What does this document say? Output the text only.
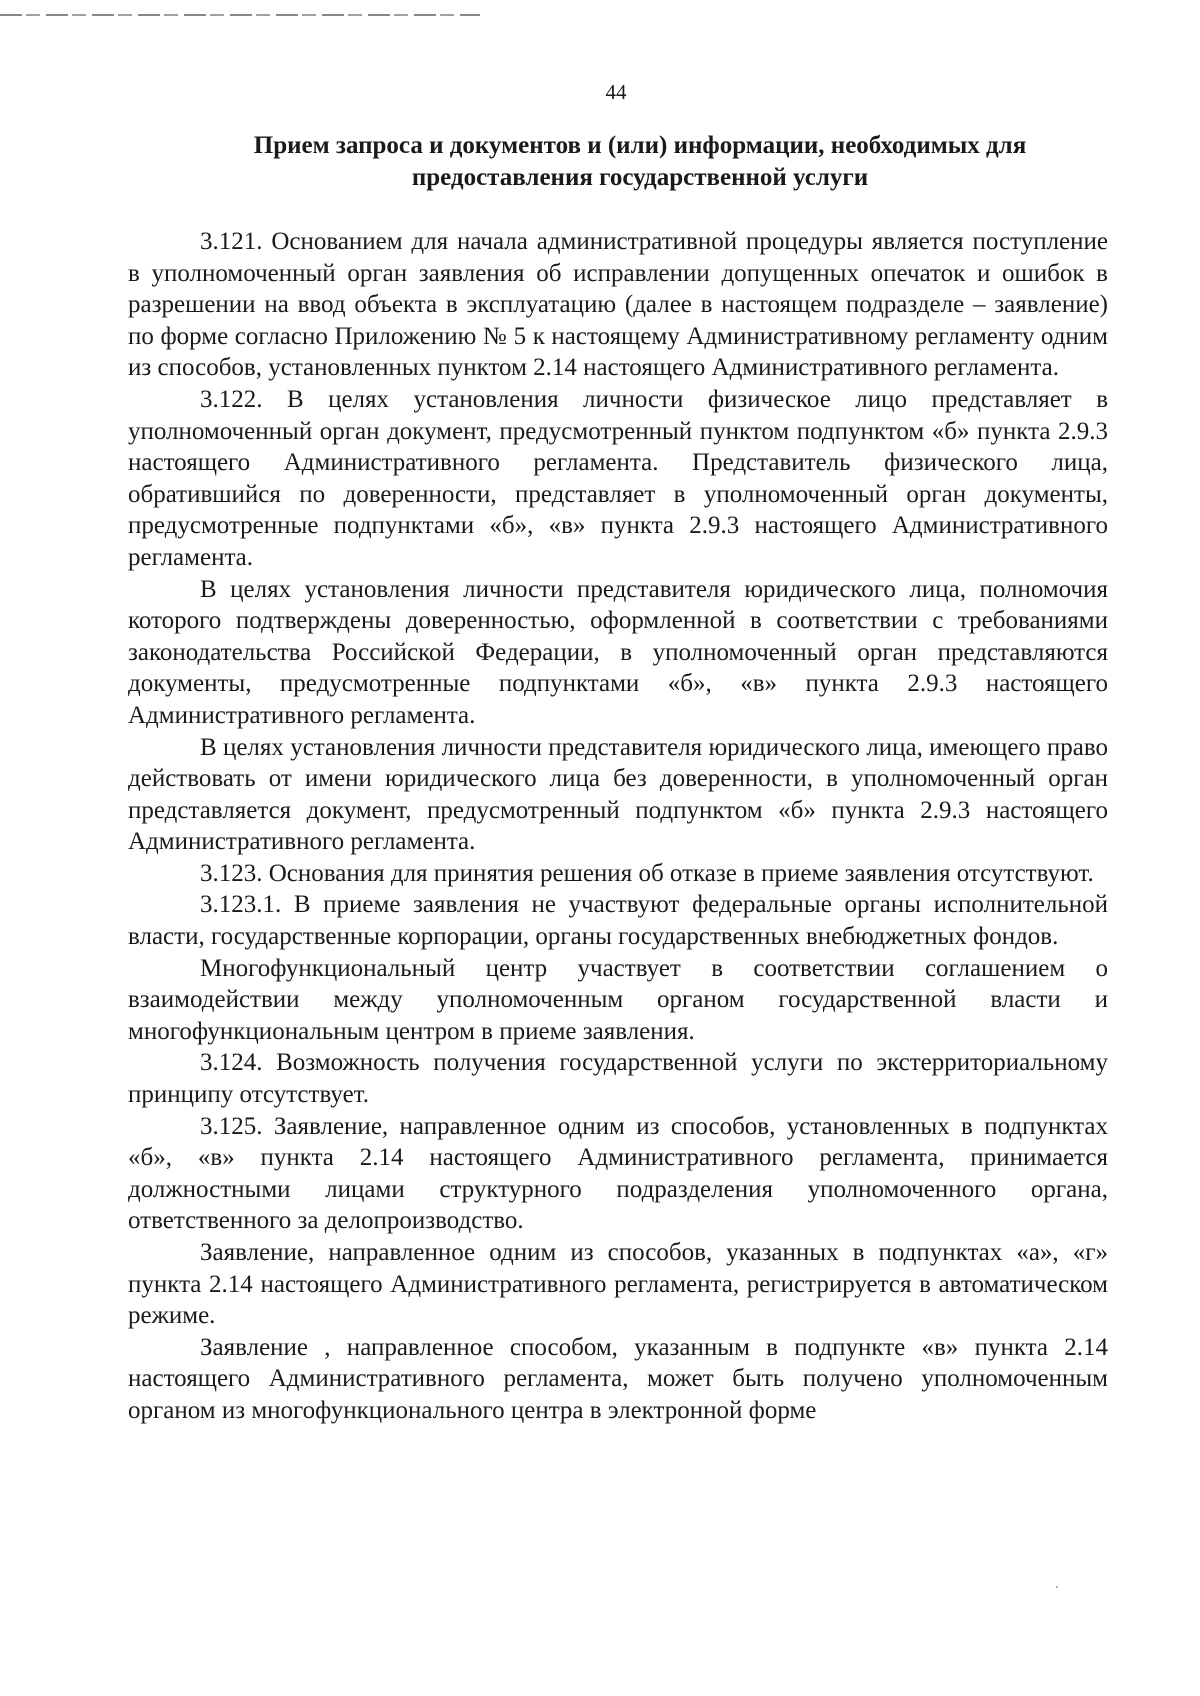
44
Прием запроса и документов и (или) информации, необходимых для
предоставления государственной услуги

3.121. Основанием для начала административной процедуры является поступление в уполномоченный орган заявления об исправлении допущенных опечаток и ошибок в разрешении на ввод объекта в эксплуатацию (далее в настоящем подразделе – заявление) по форме согласно Приложению № 5 к настоящему Административному регламенту одним из способов, установленных пунктом 2.14 настоящего Административного регламента.

3.122. В целях установления личности физическое лицо представляет в уполномоченный орган документ, предусмотренный пунктом подпунктом «б» пункта 2.9.3 настоящего Административного регламента. Представитель физического лица, обратившийся по доверенности, представляет в уполномоченный орган документы, предусмотренные подпунктами «б», «в» пункта 2.9.3 настоящего Административного регламента.

В целях установления личности представителя юридического лица, полномочия которого подтверждены доверенностью, оформленной в соответствии с требованиями законодательства Российской Федерации, в уполномоченный орган представляются документы, предусмотренные подпунктами «б», «в» пункта 2.9.3 настоящего Административного регламента.

В целях установления личности представителя юридического лица, имеющего право действовать от имени юридического лица без доверенности, в уполномоченный орган представляется документ, предусмотренный подпунктом «б» пункта 2.9.3 настоящего Административного регламента.

3.123. Основания для принятия решения об отказе в приеме заявления отсутствуют.

3.123.1. В приеме заявления не участвуют федеральные органы исполнительной власти, государственные корпорации, органы государственных внебюджетных фондов.

Многофункциональный центр участвует в соответствии соглашением о взаимодействии между уполномоченным органом государственной власти и многофункциональным центром в приеме заявления.

3.124. Возможность получения государственной услуги по экстерриториальному принципу отсутствует.

3.125. Заявление, направленное одним из способов, установленных в подпунктах «б», «в» пункта 2.14 настоящего Административного регламента, принимается должностными лицами структурного подразделения уполномоченного органа, ответственного за делопроизводство.

Заявление, направленное одним из способов, указанных в подпунктах «а», «г» пункта 2.14 настоящего Административного регламента, регистрируется в автоматическом режиме.

Заявление , направленное способом, указанным в подпункте «в» пункта 2.14 настоящего Административного регламента, может быть получено уполномоченным органом из многофункционального центра в электронной форме
